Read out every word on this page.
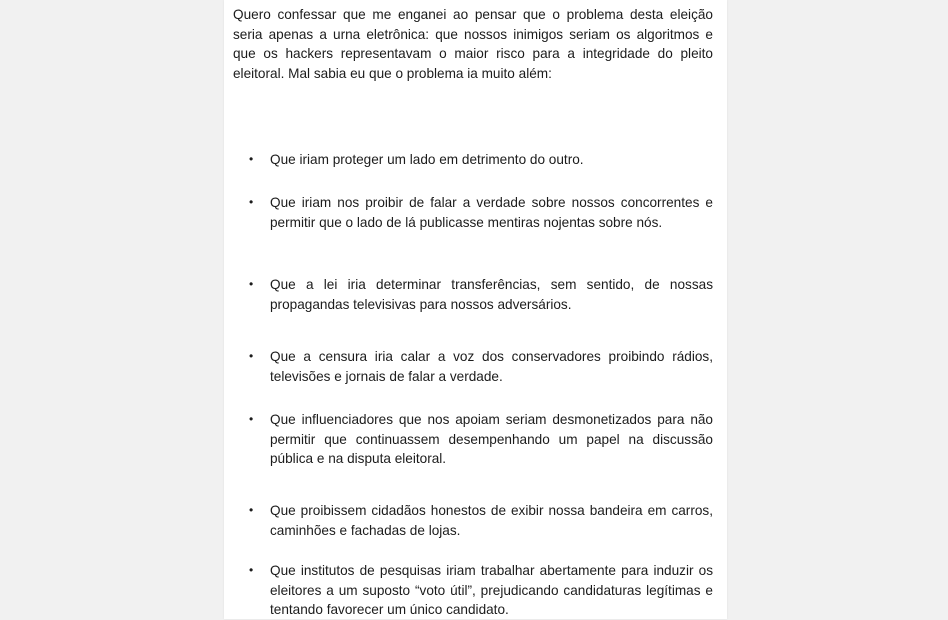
Quero confessar que me enganei ao pensar que o problema desta eleição seria apenas a urna eletrônica: que nossos inimigos seriam os algoritmos e que os hackers representavam o maior risco para a integridade do pleito eleitoral. Mal sabia eu que o problema ia muito além:

• Que iriam proteger um lado em detrimento do outro.
• Que iriam nos proibir de falar a verdade sobre nossos concorrentes e permitir que o lado de lá publicasse mentiras nojentas sobre nós.
• Que a lei iria determinar transferências, sem sentido, de nossas propagandas televisivas para nossos adversários.
• Que a censura iria calar a voz dos conservadores proibindo rádios, televisões e jornais de falar a verdade.
• Que influenciadores que nos apoiam seriam desmonetizados para não permitir que continuassem desempenhando um papel na discussão pública e na disputa eleitoral.
• Que proibissem cidadãos honestos de exibir nossa bandeira em carros, caminhões e fachadas de lojas.
• Que institutos de pesquisas iriam trabalhar abertamente para induzir os eleitores a um suposto “voto útil”, prejudicando candidaturas legítimas e tentando favorecer um único candidato.
